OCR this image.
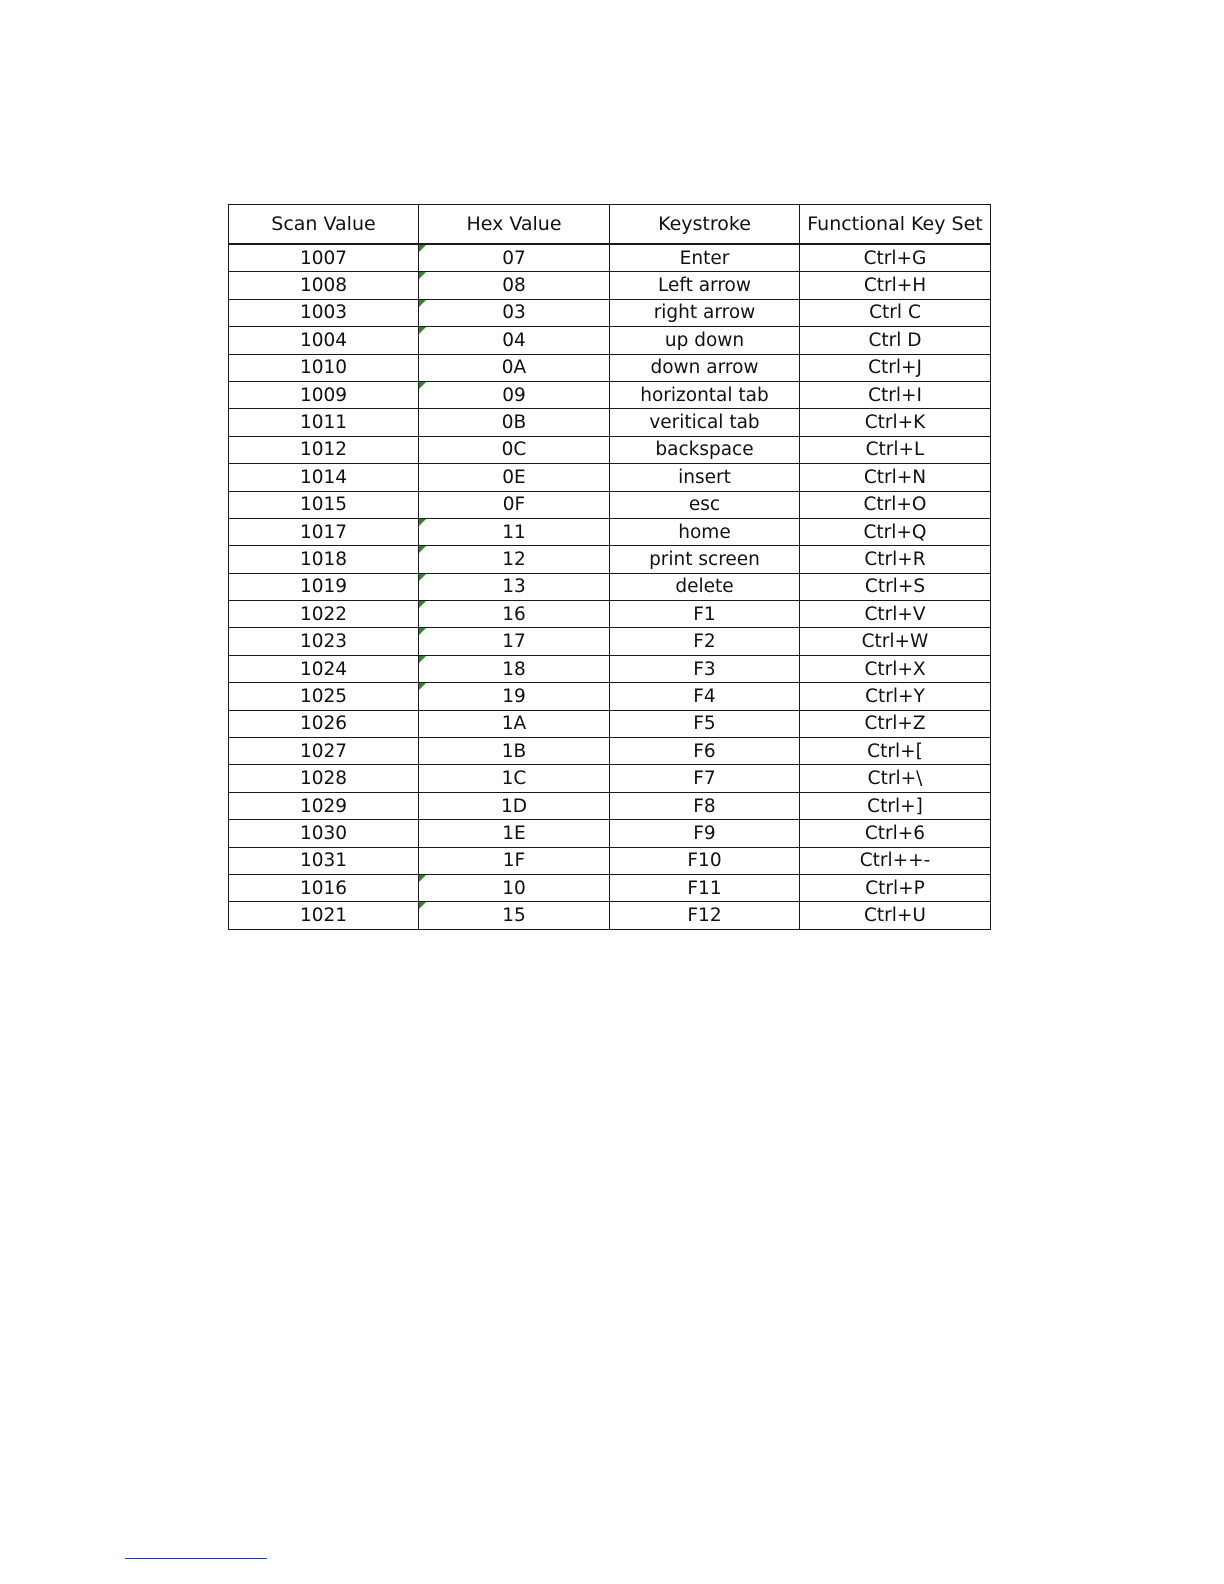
Scan Value	Hex Value	Keystroke	Functional Key Set
1007	07	Enter	Ctrl+G
1008	08	Left arrow	Ctrl+H
1003	03	right arrow	Ctrl C
1004	04	up down	Ctrl D
1010	0A	down arrow	Ctrl+J
1009	09	horizontal tab	Ctrl+I
1011	0B	veritical tab	Ctrl+K
1012	0C	backspace	Ctrl+L
1014	0E	insert	Ctrl+N
1015	0F	esc	Ctrl+O
1017	11	home	Ctrl+Q
1018	12	print screen	Ctrl+R
1019	13	delete	Ctrl+S
1022	16	F1	Ctrl+V
1023	17	F2	Ctrl+W
1024	18	F3	Ctrl+X
1025	19	F4	Ctrl+Y
1026	1A	F5	Ctrl+Z
1027	1B	F6	Ctrl+[
1028	1C	F7	Ctrl+\
1029	1D	F8	Ctrl+]
1030	1E	F9	Ctrl+6
1031	1F	F10	Ctrl++-
1016	10	F11	Ctrl+P
1021	15	F12	Ctrl+U
